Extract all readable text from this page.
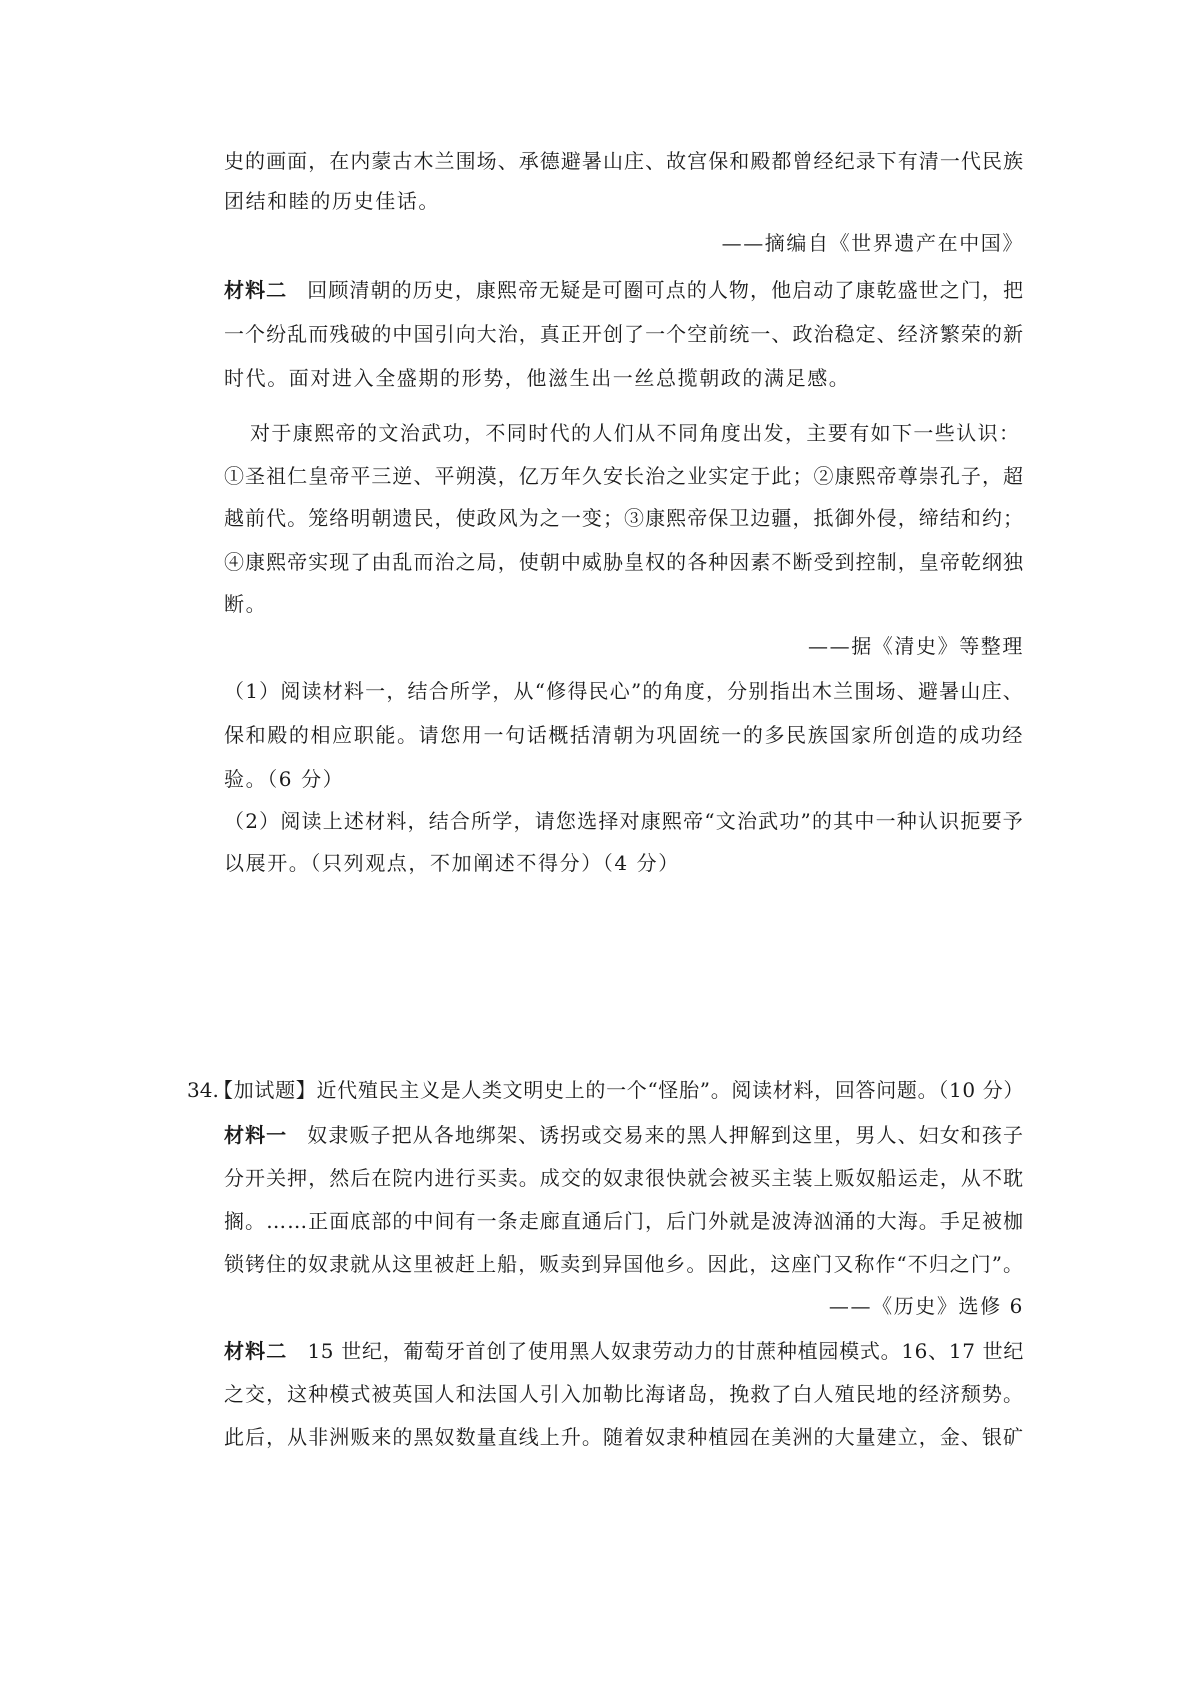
史的画面，在内蒙古木兰围场、承德避暑山庄、故宫保和殿都曾经纪录下有清一代民族
团结和睦的历史佳话。
——摘编自《世界遗产在中国》
材料二 回顾清朝的历史，康熙帝无疑是可圈可点的人物，他启动了康乾盛世之门，把
一个纷乱而残破的中国引向大治，真正开创了一个空前统一、政治稳定、经济繁荣的新
时代。面对进入全盛期的形势，他滋生出一丝总揽朝政的满足感。
对于康熙帝的文治武功，不同时代的人们从不同角度出发，主要有如下一些认识：
①圣祖仁皇帝平三逆、平朔漠，亿万年久安长治之业实定于此；②康熙帝尊崇孔子，超
越前代。笼络明朝遗民，使政风为之一变；③康熙帝保卫边疆，抵御外侵，缔结和约；
④康熙帝实现了由乱而治之局，使朝中威胁皇权的各种因素不断受到控制，皇帝乾纲独
断。
——据《清史》等整理
（1）阅读材料一，结合所学，从“修得民心”的角度，分别指出木兰围场、避暑山庄、
保和殿的相应职能。请您用一句话概括清朝为巩固统一的多民族国家所创造的成功经
验。（6 分）
（2）阅读上述材料，结合所学，请您选择对康熙帝“文治武功”的其中一种认识扼要予
以展开。（只列观点，不加阐述不得分）（4 分）
34.
【加试题】近代殖民主义是人类文明史上的一个“怪胎”。阅读材料，回答问题。（10 分）
材料一 奴隶贩子把从各地绑架、诱拐或交易来的黑人押解到这里，男人、妇女和孩子
分开关押，然后在院内进行买卖。成交的奴隶很快就会被买主装上贩奴船运走，从不耽
搁。……正面底部的中间有一条走廊直通后门，后门外就是波涛汹涌的大海。手足被枷
锁铐住的奴隶就从这里被赶上船，贩卖到异国他乡。因此，这座门又称作“不归之门”。
——《历史》选修 6
材料二 15 世纪，葡萄牙首创了使用黑人奴隶劳动力的甘蔗种植园模式。16、17 世纪
之交，这种模式被英国人和法国人引入加勒比海诸岛，挽救了白人殖民地的经济颓势。
此后，从非洲贩来的黑奴数量直线上升。随着奴隶种植园在美洲的大量建立，金、银矿
